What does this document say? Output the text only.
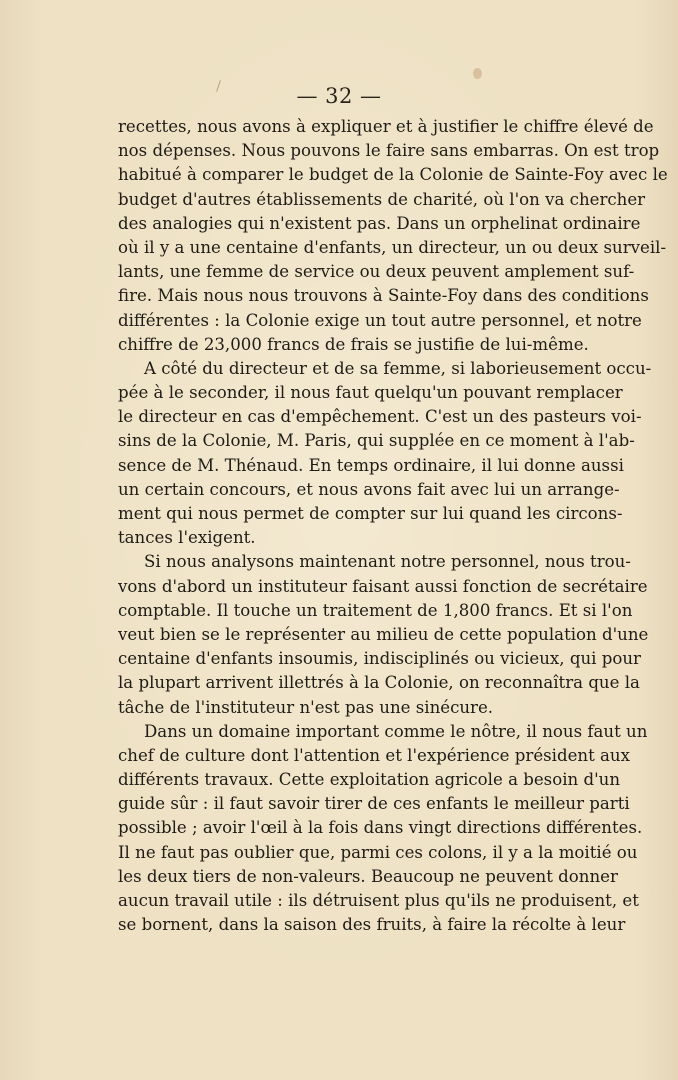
— 32 —
recettes, nous avons à expliquer et à justifier le chiffre élevé de
nos dépenses. Nous pouvons le faire sans embarras. On est trop
habitué à comparer le budget de la Colonie de Sainte-Foy avec le
budget d'autres établissements de charité, où l'on va chercher
des analogies qui n'existent pas. Dans un orphelinat ordinaire
où il y a une centaine d'enfants, un directeur, un ou deux surveil-
lants, une femme de service ou deux peuvent amplement suf-
fire. Mais nous nous trouvons à Sainte-Foy dans des conditions
différentes : la Colonie exige un tout autre personnel, et notre
chiffre de 23,000 francs de frais se justifie de lui-même.
A côté du directeur et de sa femme, si laborieusement occu-
pée à le seconder, il nous faut quelqu'un pouvant remplacer
le directeur en cas d'empêchement. C'est un des pasteurs voi-
sins de la Colonie, M. Paris, qui supplée en ce moment à l'ab-
sence de M. Thénaud. En temps ordinaire, il lui donne aussi
un certain concours, et nous avons fait avec lui un arrange-
ment qui nous permet de compter sur lui quand les circons-
tances l'exigent.
Si nous analysons maintenant notre personnel, nous trou-
vons d'abord un instituteur faisant aussi fonction de secrétaire
comptable. Il touche un traitement de 1,800 francs. Et si l'on
veut bien se le représenter au milieu de cette population d'une
centaine d'enfants insoumis, indisciplinés ou vicieux, qui pour
la plupart arrivent illettrés à la Colonie, on reconnaîtra que la
tâche de l'instituteur n'est pas une sinécure.
Dans un domaine important comme le nôtre, il nous faut un
chef de culture dont l'attention et l'expérience président aux
différents travaux. Cette exploitation agricole a besoin d'un
guide sûr : il faut savoir tirer de ces enfants le meilleur parti
possible ; avoir l'œil à la fois dans vingt directions différentes.
Il ne faut pas oublier que, parmi ces colons, il y a la moitié ou
les deux tiers de non-valeurs. Beaucoup ne peuvent donner
aucun travail utile : ils détruisent plus qu'ils ne produisent, et
se bornent, dans la saison des fruits, à faire la récolte à leur
